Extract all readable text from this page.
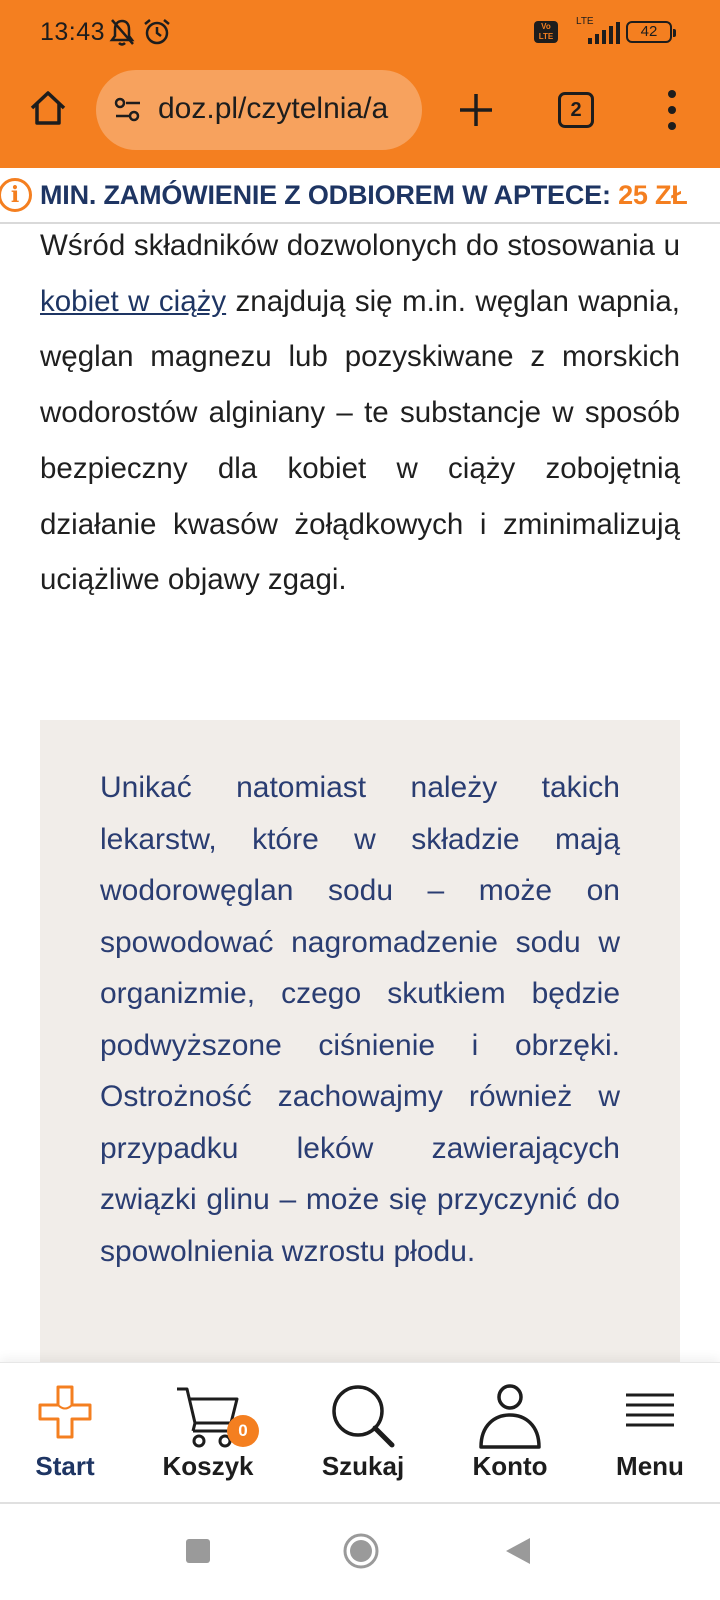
13:43	Vo LTE
LTE
42
doz.pl/czytelnia/a	2
i MIN. ZAMÓWIENIE Z ODBIOREM W APTECE: 25 ZŁ

Wśród składników dozwolonych do stosowania u kobiet w ciąży znajdują się m.in. węglan wapnia, węglan magnezu lub pozyskiwane z morskich wodorostów alginiany – te substancje w sposób bezpieczny dla kobiet w ciąży zobojętnią działanie kwasów żołądkowych i zminimalizują uciążliwe objawy zgagi.

Unikać natomiast należy takich lekarstw, które w składzie mają wodorowęglan sodu – może on spowodować nagromadzenie sodu w organizmie, czego skutkiem będzie podwyższone ciśnienie i obrzęki. Ostrożność zachowajmy również w przypadku leków zawierających związki glinu – może się przyczynić do spowolnienia wzrostu płodu.

Start
0
Koszyk	Szukaj	Konto	Menu
